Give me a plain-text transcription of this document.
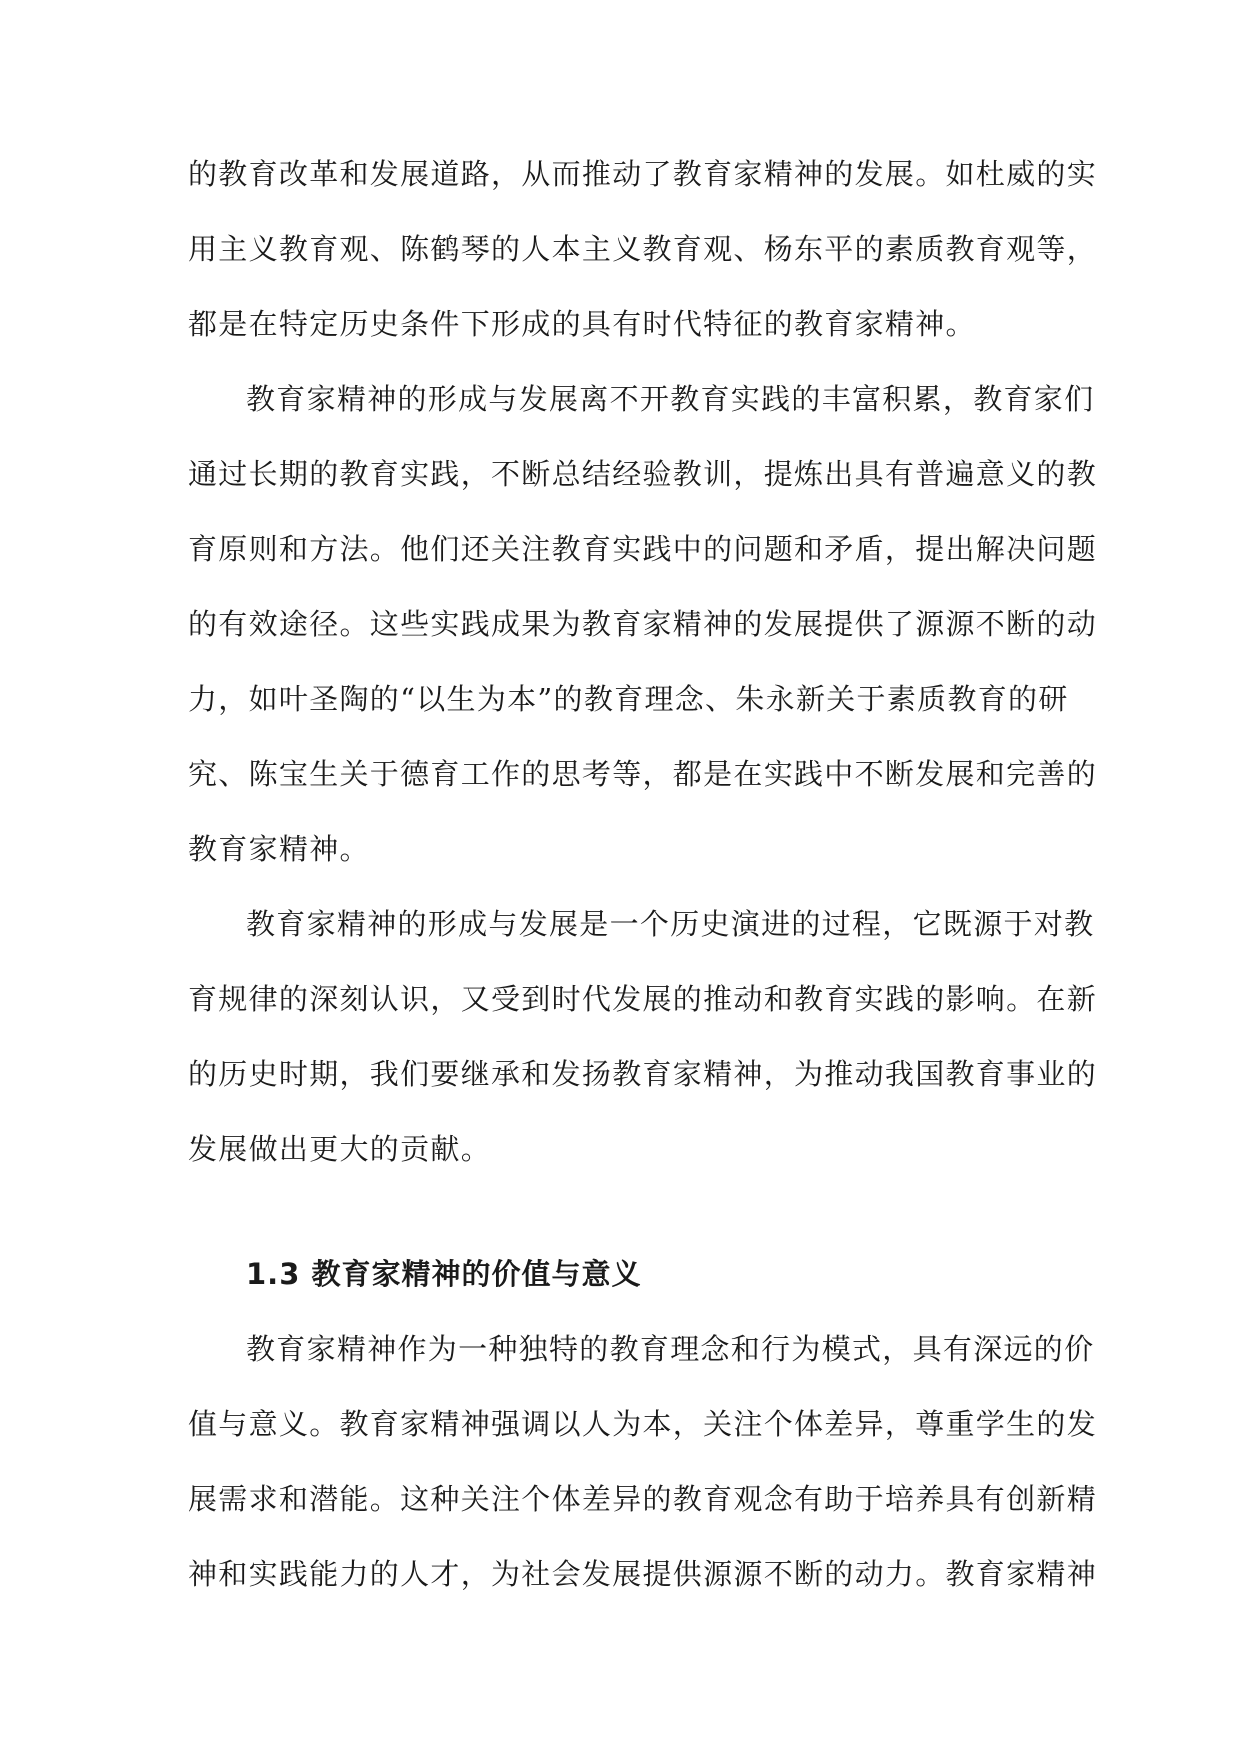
的教育改革和发展道路，从而推动了教育家精神的发展。如杜威的实
用主义教育观、陈鹤琴的人本主义教育观、杨东平的素质教育观等，
都是在特定历史条件下形成的具有时代特征的教育家精神。
教育家精神的形成与发展离不开教育实践的丰富积累，教育家们
通过长期的教育实践，不断总结经验教训，提炼出具有普遍意义的教
育原则和方法。他们还关注教育实践中的问题和矛盾，提出解决问题
的有效途径。这些实践成果为教育家精神的发展提供了源源不断的动
力，如叶圣陶的“以生为本”的教育理念、朱永新关于素质教育的研
究、陈宝生关于德育工作的思考等，都是在实践中不断发展和完善的
教育家精神。
教育家精神的形成与发展是一个历史演进的过程，它既源于对教
育规律的深刻认识，又受到时代发展的推动和教育实践的影响。在新
的历史时期，我们要继承和发扬教育家精神，为推动我国教育事业的
发展做出更大的贡献。
1.3 教育家精神的价值与意义
教育家精神作为一种独特的教育理念和行为模式，具有深远的价
值与意义。教育家精神强调以人为本，关注个体差异，尊重学生的发
展需求和潜能。这种关注个体差异的教育观念有助于培养具有创新精
神和实践能力的人才，为社会发展提供源源不断的动力。教育家精神
